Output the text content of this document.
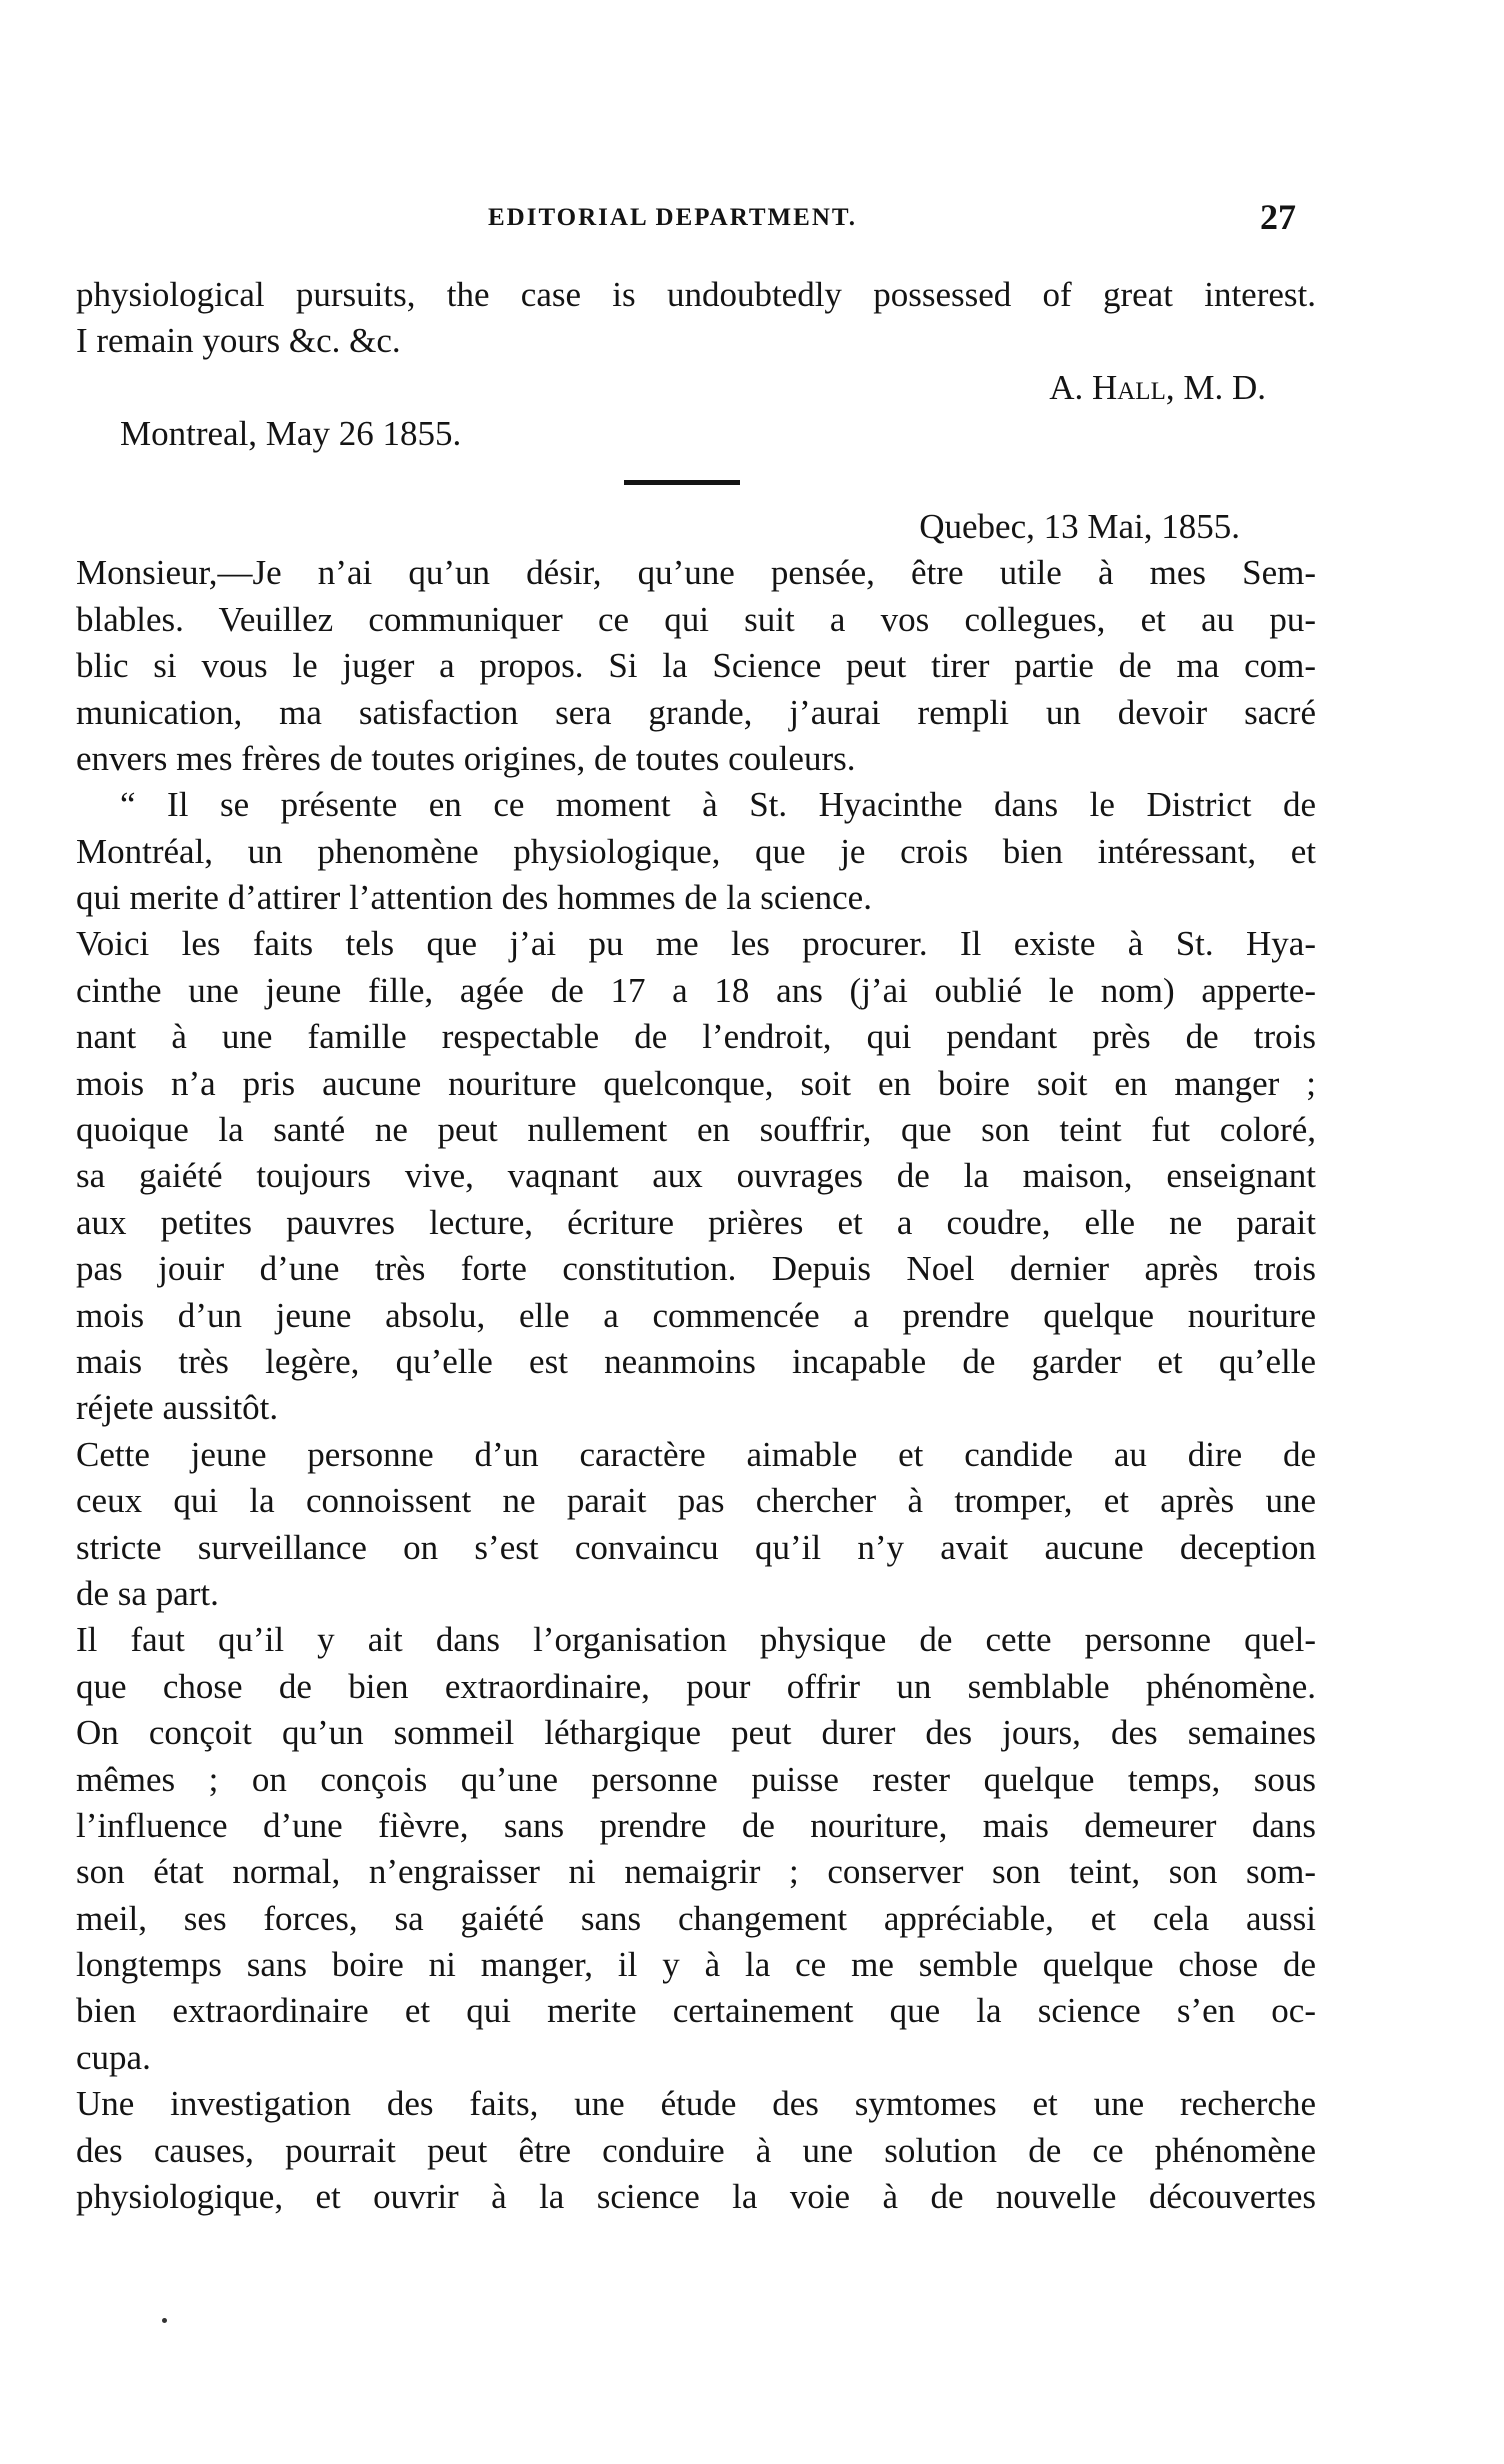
EDITORIAL DEPARTMENT.	27
physiological pursuits, the case is undoubtedly possessed of great interest.
I remain yours &c. &c.
A. Hall, M. D.
Montreal, May 26 1855.
Quebec, 13 Mai, 1855.
Monsieur,—Je n’ai qu’un désir, qu’une pensée, être utile à mes Sem-
blables. Veuillez communiquer ce qui suit a vos collegues, et au pu-
blic si vous le juger a propos. Si la Science peut tirer partie de ma com-
munication, ma satisfaction sera grande, j’aurai rempli un devoir sacré
envers mes frères de toutes origines, de toutes couleurs.
“ Il se présente en ce moment à St. Hyacinthe dans le District de
Montréal, un phenomène physiologique, que je crois bien intéressant, et
qui merite d’attirer l’attention des hommes de la science.
Voici les faits tels que j’ai pu me les procurer. Il existe à St. Hya-
cinthe une jeune fille, agée de 17 a 18 ans (j’ai oublié le nom) apperte-
nant à une famille respectable de l’endroit, qui pendant près de trois
mois n’a pris aucune nouriture quelconque, soit en boire soit en manger ;
quoique la santé ne peut nullement en souffrir, que son teint fut coloré,
sa gaiété toujours vive, vaqnant aux ouvrages de la maison, enseignant
aux petites pauvres lecture, écriture prières et a coudre, elle ne parait
pas jouir d’une très forte constitution. Depuis Noel dernier après trois
mois d’un jeune absolu, elle a commencée a prendre quelque nouriture
mais très legère, qu’elle est neanmoins incapable de garder et qu’elle
réjete aussitôt.
Cette jeune personne d’un caractère aimable et candide au dire de
ceux qui la connoissent ne parait pas chercher à tromper, et après une
stricte surveillance on s’est convaincu qu’il n’y avait aucune deception
de sa part.
Il faut qu’il y ait dans l’organisation physique de cette personne quel-
que chose de bien extraordinaire, pour offrir un semblable phénomène.
On conçoit qu’un sommeil léthargique peut durer des jours, des semaines
mêmes ; on conçois qu’une personne puisse rester quelque temps, sous
l’influence d’une fièvre, sans prendre de nouriture, mais demeurer dans
son état normal, n’engraisser ni nemaigrir ; conserver son teint, son som-
meil, ses forces, sa gaiété sans changement appréciable, et cela aussi
longtemps sans boire ni manger, il y à la ce me semble quelque chose de
bien extraordinaire et qui merite certainement que la science s’en oc-
cupa.
Une investigation des faits, une étude des symtomes et une recherche
des causes, pourrait peut être conduire à une solution de ce phénomène
physiologique, et ouvrir à la science la voie à de nouvelle découvertes
